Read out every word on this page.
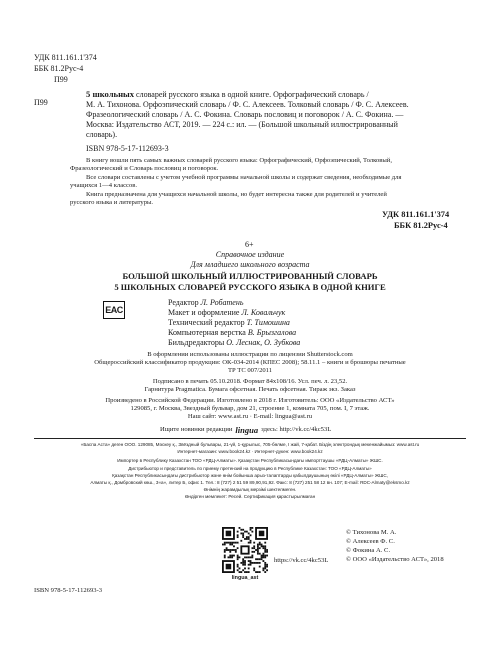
УДК 811.161.1'374
ББК 81.2Рус-4
П99
П99
5 школьных словарей русского языка в одной книге. Орфографический словарь /
М. А. Тихонова. Орфоэпический словарь / Ф. С. Алексеев. Толковый словарь / Ф. С. Алексеев.
Фразеологический словарь / А. С. Фокина. Словарь пословиц и поговорок / А. С. Фокина. —
Москва: Издательство АСТ, 2019. — 224 с.: ил. — (Большой школьный иллюстрированный
словарь).
ISBN 978-5-17-112693-3
В книгу вошли пять самых важных словарей русского языка: Орфографический, Орфоэпический, Толковый,
Фразеологический и Словарь пословиц и поговорок.
Все словари составлены с учетом учебной программы начальной школы и содержат сведения, необходимые для
учащихся 1—4 классов.
Книга предназначена для учащихся начальной школы, но будет интересна также для родителей и учителей
русского языка и литературы.
УДК 811.161.1'374
ББК 81.2Рус-4
6+
Справочное издание
Для младшего школьного возраста
БОЛЬШОЙ ШКОЛЬНЫЙ ИЛЛЮСТРИРОВАННЫЙ СЛОВАРЬ
5 ШКОЛЬНЫХ СЛОВАРЕЙ РУССКОГО ЯЗЫКА В ОДНОЙ КНИГЕ
EAC
Редактор Л. Робатень
Макет и оформление Л. Ковальчук
Технический редактор Т. Тимошина
Компьютерная верстка В. Брызгалова
Бильдредакторы О. Леснак, О. Зубкова
В оформлении использованы иллюстрации по лицензии Shutterstock.com
Общероссийский классификатор продукции: ОК-034-2014 (КПЕС 2008); 58.11.1 – книги и брошюры печатные
ТР ТС 007/2011
Подписано в печать 05.10.2018. Формат 84x108/16. Усл. печ. л. 23,52.
Гарнитура Pragmatica. Бумага офсетная. Печать офсетная. Тираж экз. Заказ
Произведено в Российской Федерации. Изготовлено в 2018 г. Изготовитель: ООО «Издательство АСТ»
129085, г. Москва, Звездный бульвар, дом 21, строение 1, комната 705, пом. I, 7 этаж.
Наш сайт: www.ast.ru · E-mail: lingua@ast.ru
Ищите новинки редакции lingua здесь: http://vk.cc/4kc53L
«Баспа Аста» деген ООО. 129085, Мәскеу қ., Звёздный бульвары, 21-үй, 1-құрылыс, 705-бөлме, I жай, 7-қабат. Біздің электрондық мекенжайымыз: www.ast.ru
Интернет-магазин: www.book24.kz · Интернет-дүкен: www.book24.kz
Импортер в Республику Казахстан ТОО «РДЦ-Алматы». Қазақстан Республикасындағы импорттаушы «РДЦ-Алматы» ЖШС.
Дистрибьютор и представитель по приему претензий на продукцию в Республике Казахстан: ТОО «РДЦ-Алматы»
Қазақстан Республикасындағы дистрибьютор және өнім бойынша арыз-талаптарды қабылдаушының өкілі «РДЦ-Алматы» ЖШС,
Алматы қ., Домбровский көш., 3«а», литер Б, офис 1. Тел.: 8 (727) 2 51 59 89,90,91,92. Факс: 8 (727) 251 58 12 вн. 107; E-mail: RDC-Almaty@eksmo.kz
Өнімнің жарамдылық мерзімі шектелмеген.
Өндірген мемлекет: Ресей. Сертификация қарастырылмаған
lingua_ast
https://vk.cc/4kc53L
ISBN 978-5-17-112693-3
© Тихонова М. А.
© Алексеев Ф. С.
© Фокина А. С.
© ООО «Издательство АСТ», 2018
